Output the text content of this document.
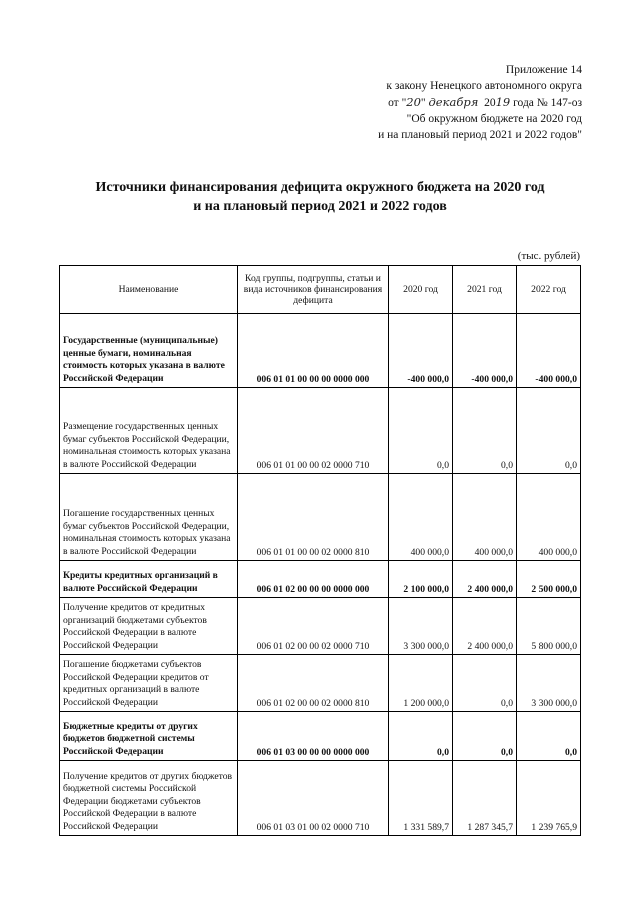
Приложение 14
к закону Ненецкого автономного округа
от "20" декабря 2019 года № 147-оз
"Об окружном бюджете на 2020 год
и на плановый период 2021 и 2022 годов"
Источники финансирования дефицита окружного бюджета на 2020 год
и на плановый период 2021 и 2022 годов
(тыс. рублей)
Наименование	Код группы, подгруппы, статьи и вида источников финансирования дефицита	2020 год	2021 год	2022 год
Государственные (муниципальные) ценные бумаги, номинальная стоимость которых указана в валюте Российской Федерации	006 01 01 00 00 00 0000 000	-400 000,0	-400 000,0	-400 000,0
Размещение государственных ценных бумаг субъектов Российской Федерации, номинальная стоимость которых указана в валюте Российской Федерации	006 01 01 00 00 02 0000 710	0,0	0,0	0,0
Погашение государственных ценных бумаг субъектов Российской Федерации, номинальная стоимость которых указана в валюте Российской Федерации	006 01 01 00 00 02 0000 810	400 000,0	400 000,0	400 000,0
Кредиты кредитных организаций в валюте Российской Федерации	006 01 02 00 00 00 0000 000	2 100 000,0	2 400 000,0	2 500 000,0
Получение кредитов от кредитных организаций бюджетами субъектов Российской Федерации в валюте Российской Федерации	006 01 02 00 00 02 0000 710	3 300 000,0	2 400 000,0	5 800 000,0
Погашение бюджетами субъектов Российской Федерации кредитов от кредитных организаций в валюте Российской Федерации	006 01 02 00 00 02 0000 810	1 200 000,0	0,0	3 300 000,0
Бюджетные кредиты от других бюджетов бюджетной системы Российской Федерации	006 01 03 00 00 00 0000 000	0,0	0,0	0,0
Получение кредитов от других бюджетов бюджетной системы Российской Федерации бюджетами субъектов Российской Федерации в валюте Российской Федерации	006 01 03 01 00 02 0000 710	1 331 589,7	1 287 345,7	1 239 765,9
